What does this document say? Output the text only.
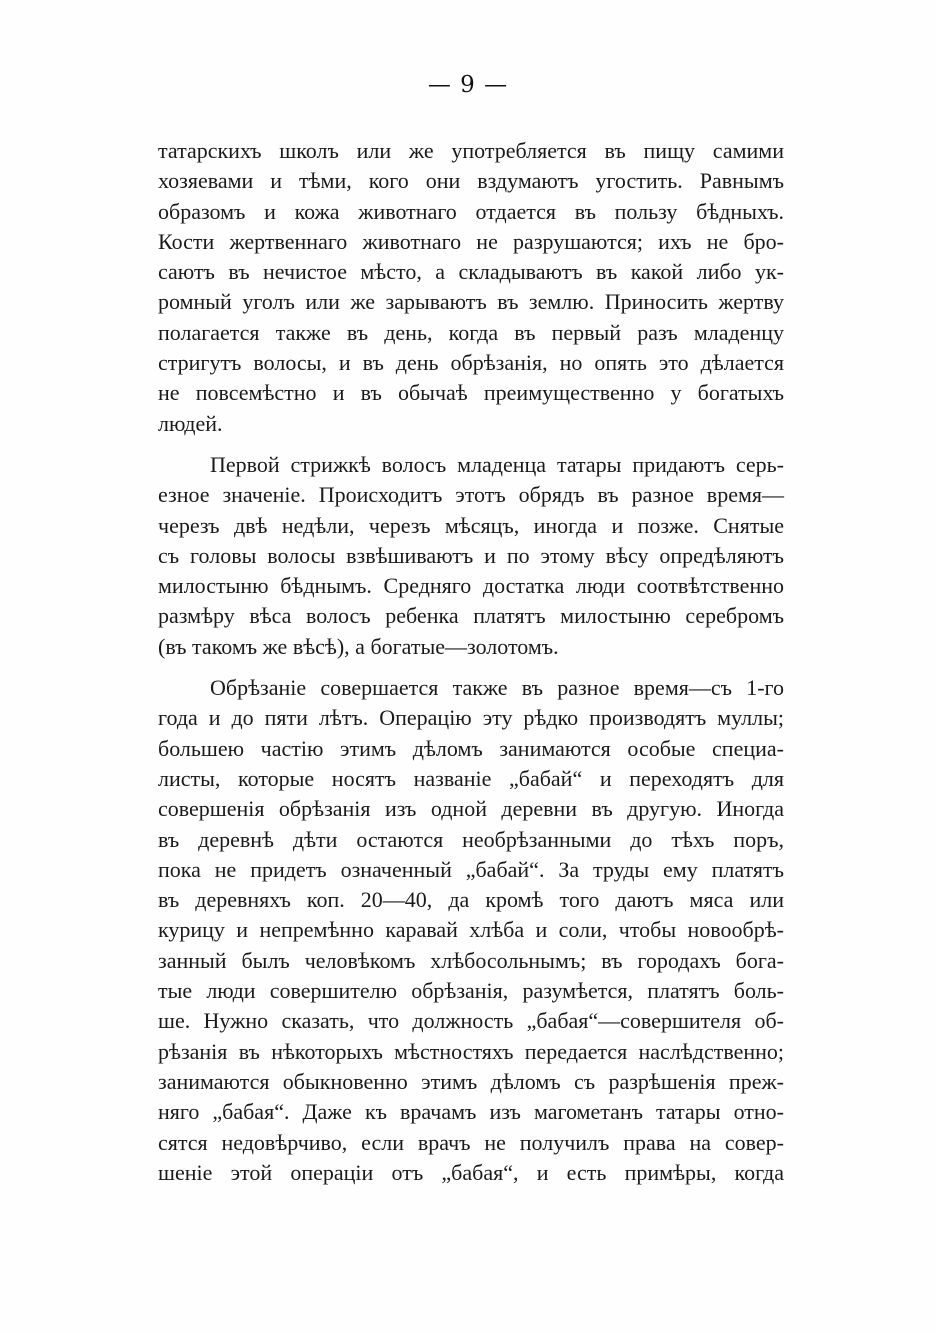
— 9 —
татарскихъ школъ или же употребляется въ пищу самими
хозяевами и тѣми, кого они вздумаютъ угостить. Равнымъ
образомъ и кожа животнаго отдается въ пользу бѣдныхъ.
Кости жертвеннаго животнаго не разрушаются; ихъ не бро-
саютъ въ нечистое мѣсто, а складываютъ въ какой либо ук-
ромный уголъ или же зарываютъ въ землю. Приносить жертву
полагается также въ день, когда въ первый разъ младенцу
стригутъ волосы, и въ день обрѣзанія, но опять это дѣлается
не повсемѣстно и въ обычаѣ преимущественно у богатыхъ
людей.
Первой стрижкѣ волосъ младенца татары придаютъ серь-
езное значеніе. Происходитъ этотъ обрядъ въ разное время—
черезъ двѣ недѣли, черезъ мѣсяцъ, иногда и позже. Снятые
съ головы волосы взвѣшиваютъ и по этому вѣсу опредѣляютъ
милостыню бѣднымъ. Средняго достатка люди соотвѣтственно
размѣру вѣса волосъ ребенка платятъ милостыню серебромъ
(въ такомъ же вѣсѣ), а богатые—золотомъ.
Обрѣзаніе совершается также въ разное время—съ 1-го
года и до пяти лѣтъ. Операцію эту рѣдко производятъ муллы;
большею частію этимъ дѣломъ занимаются особые специа-
листы, которые носятъ названіе „бабай“ и переходятъ для
совершенія обрѣзанія изъ одной деревни въ другую. Иногда
въ деревнѣ дѣти остаются необрѣзанными до тѣхъ поръ,
пока не придетъ означенный „бабай“. За труды ему платятъ
въ деревняхъ коп. 20—40, да кромѣ того даютъ мяса или
курицу и непремѣнно каравай хлѣба и соли, чтобы новообрѣ-
занный былъ человѣкомъ хлѣбосольнымъ; въ городахъ бога-
тые люди совершителю обрѣзанія, разумѣется, платятъ боль-
ше. Нужно сказать, что должность „бабая“—совершителя об-
рѣзанія въ нѣкоторыхъ мѣстностяхъ передается наслѣдственно;
занимаются обыкновенно этимъ дѣломъ съ разрѣшенія преж-
няго „бабая“. Даже къ врачамъ изъ магометанъ татары отно-
сятся недовѣрчиво, если врачъ не получилъ права на совер-
шеніе этой операціи отъ „бабая“, и есть примѣры, когда
